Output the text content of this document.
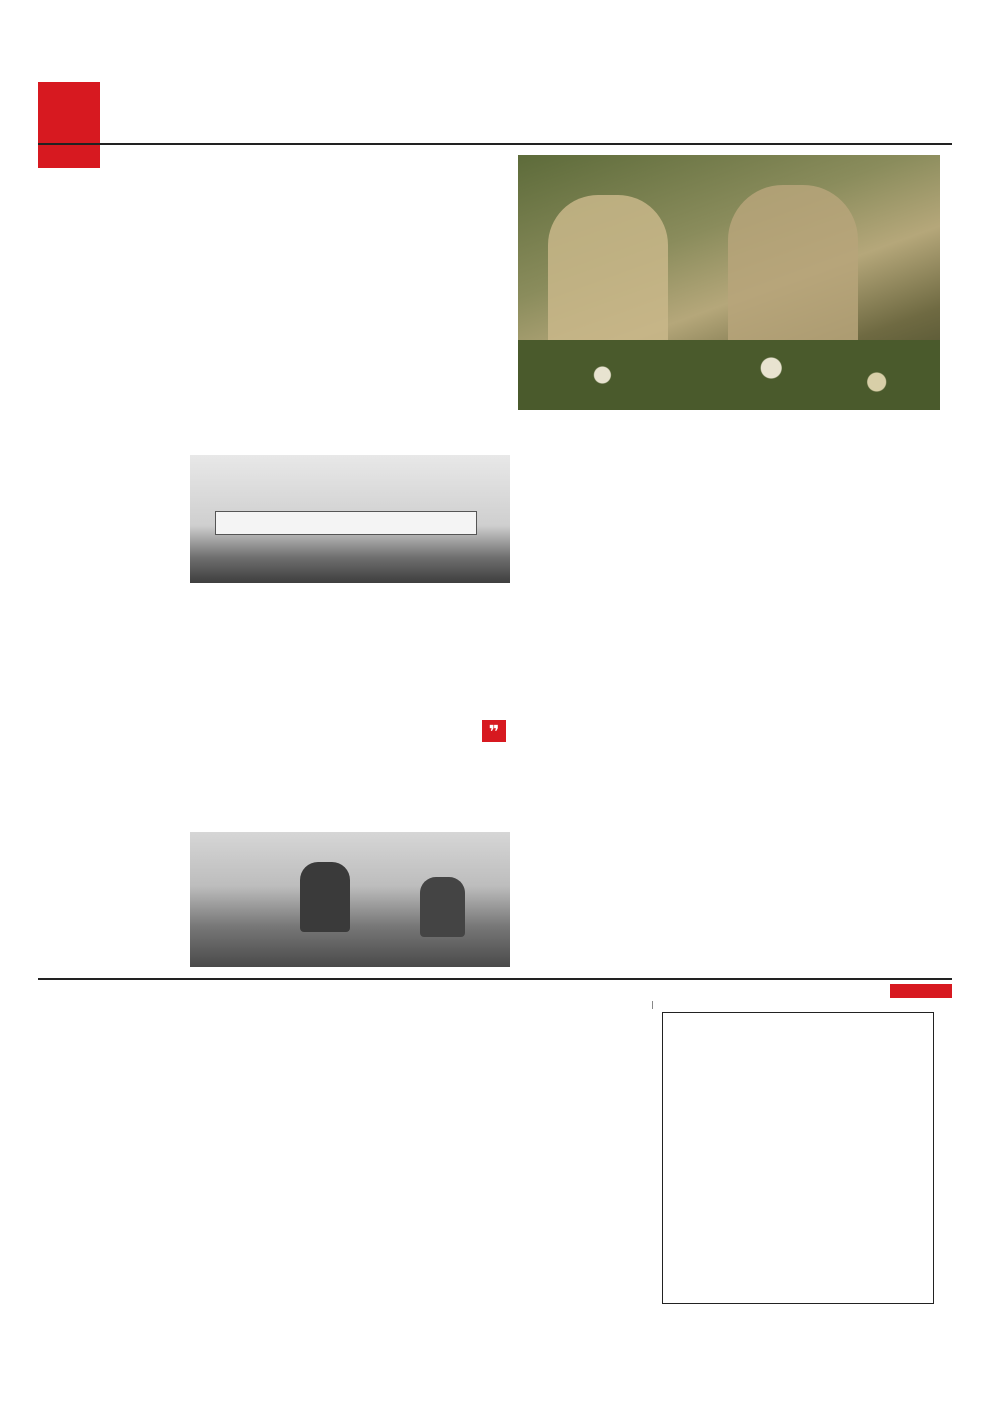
❞
|
